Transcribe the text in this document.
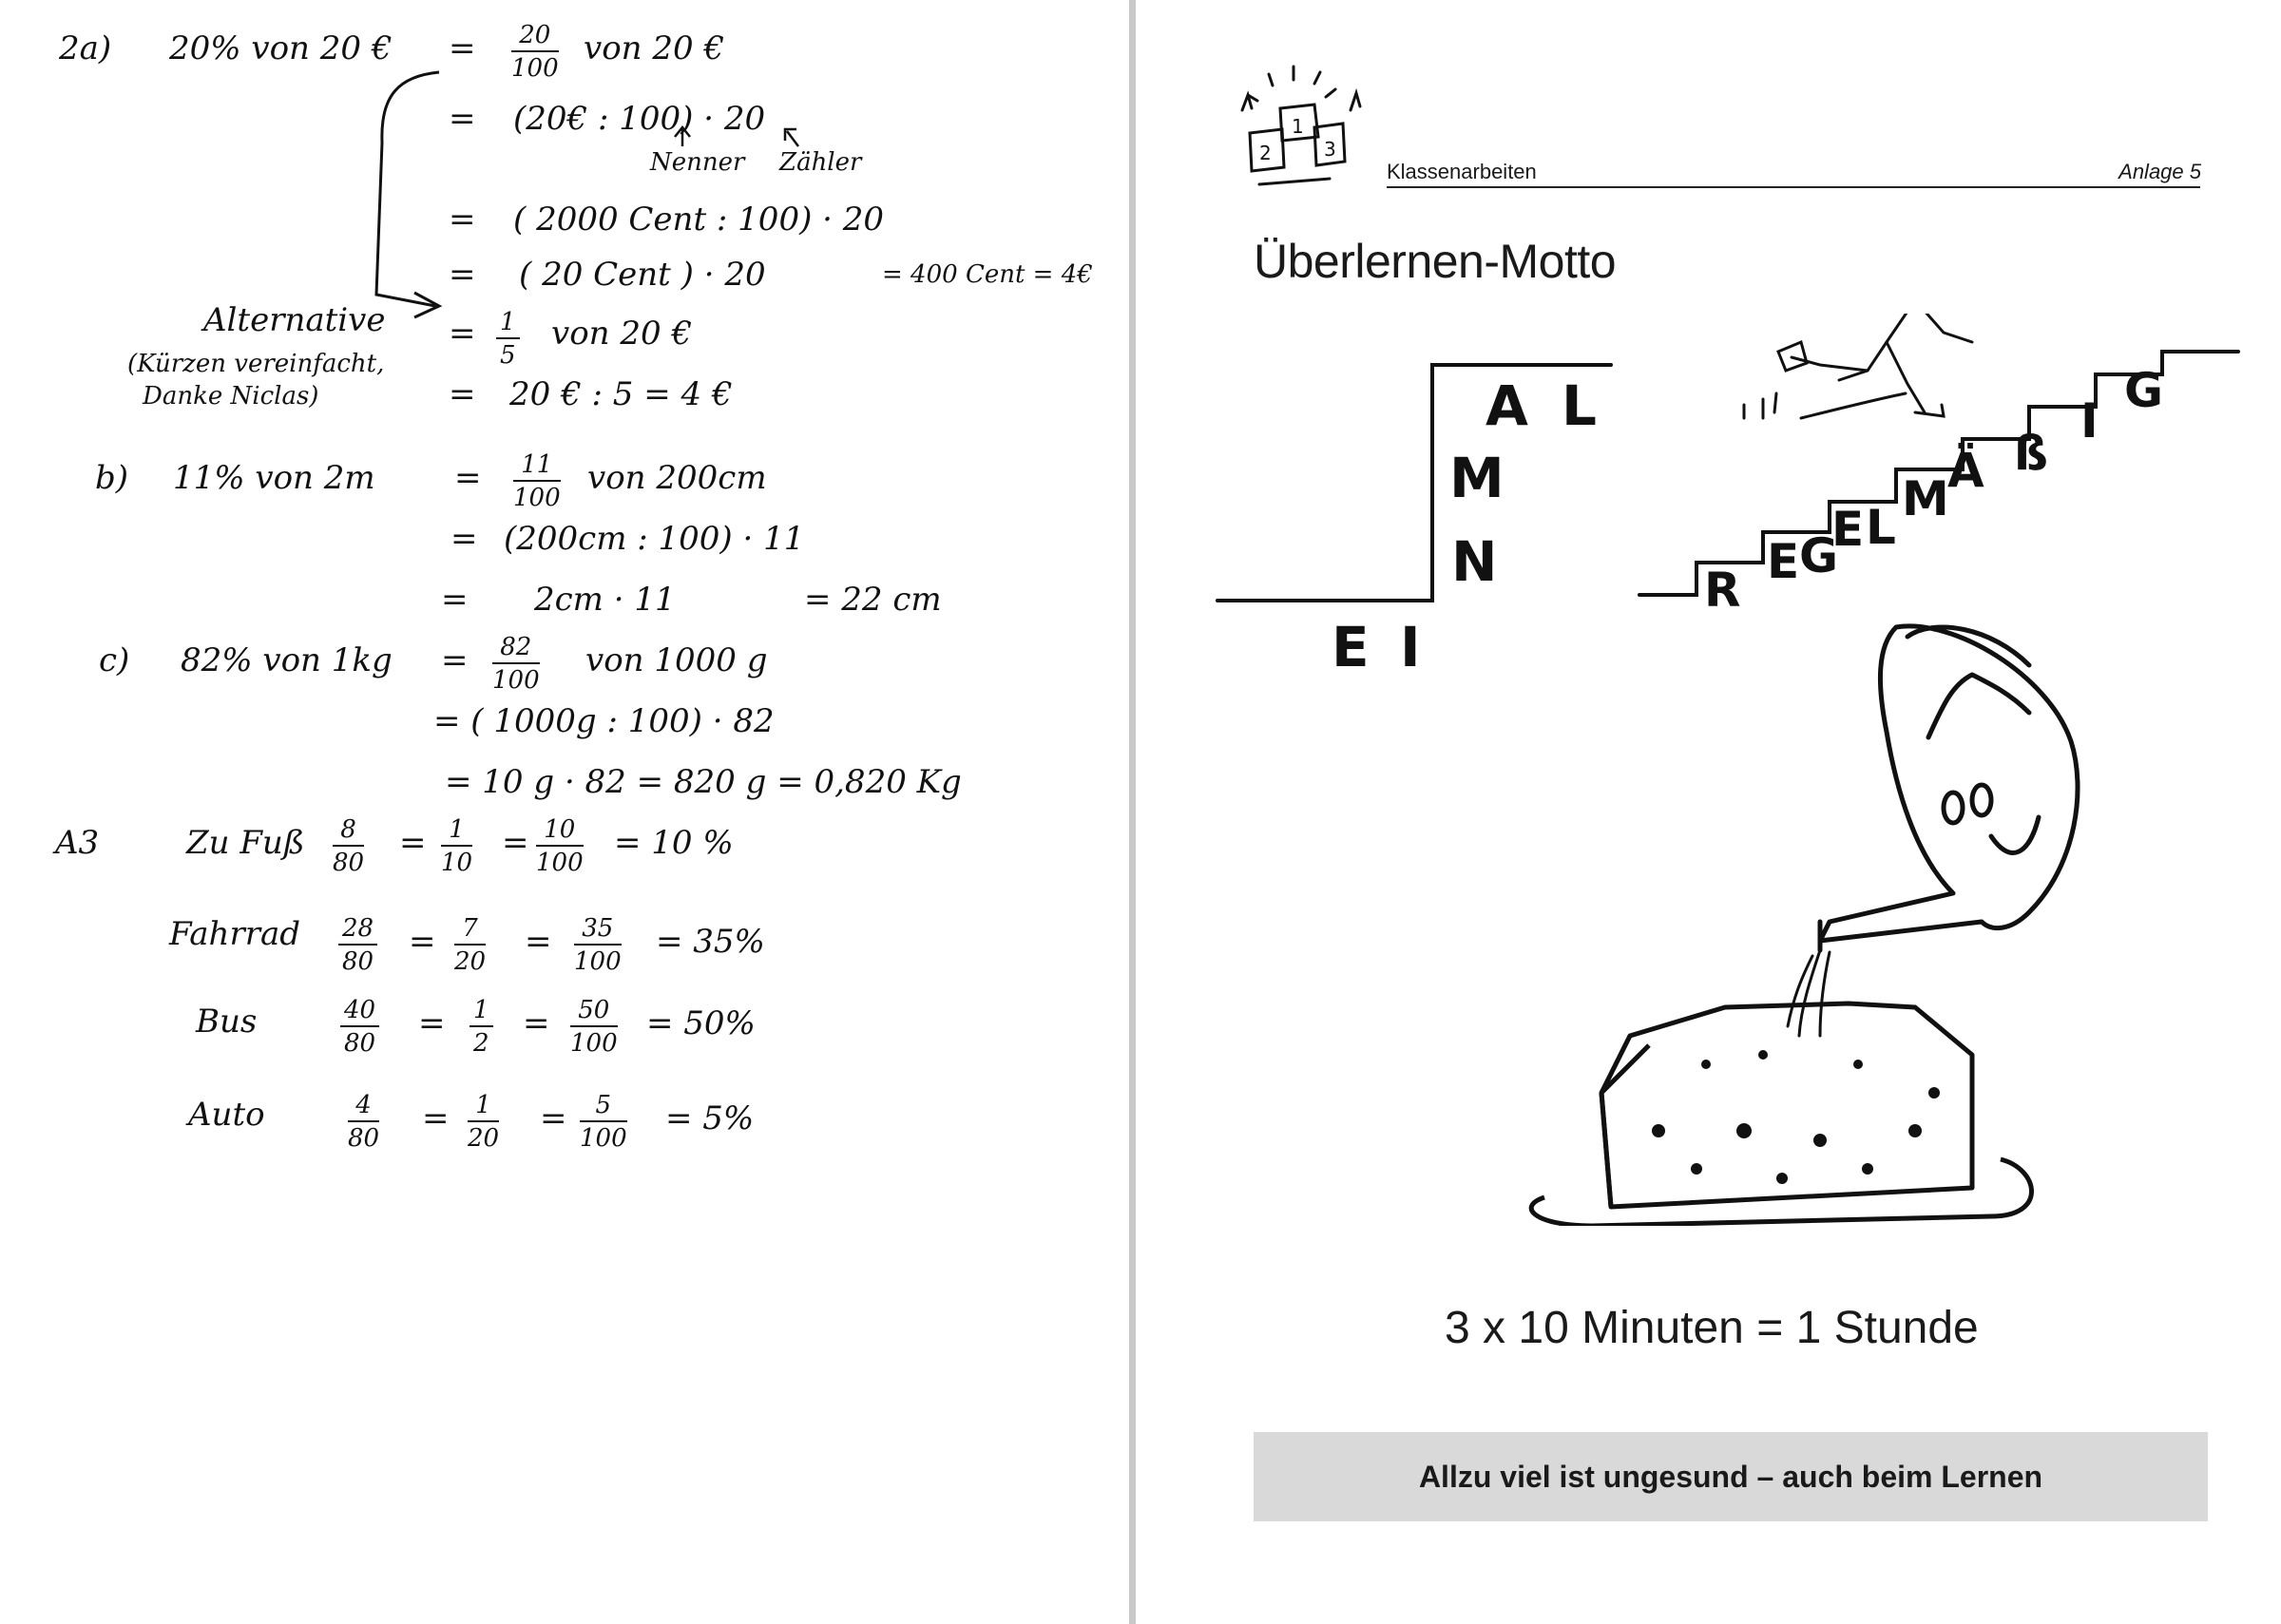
2a) 20% von 20 € = $\frac{20}{100}$ von 20 €
= (20€ : 100) · 20
Nenner Zähler
= ( 2000 Cent : 100) · 20
= ( 20 Cent ) · 20	= 400 Cent = 4€
Alternative
(Kürzen vereinfacht,
Danke Niclas)
= $\frac{1}{5}$ von 20 €
= 20 € : 5 = 4 €
b) 11% von $2m = \frac{11}{100}$ von 200cm
= (200cm : 100) · 11
= 2cm · 11	= 22 cm
c) 82% von $1kg = \frac{82}{100}$ von 1000 g
= ( 1000g : 100) · 82
= 10 g · 82 = 820 g = 0,820 Kg
A3	Zu Fuß $\frac{8}{80} = \frac{1}{10} = \frac{10}{100} = 10$ %
Fahrrad $\frac{28}{80} = \frac{7}{20} = \frac{35}{100} = 35\%$
Bus	$\frac{40}{80} = \frac{1}{2} = \frac{50}{100} = 50\%$
Auto	$\frac{4}{80} = \frac{1}{20} = \frac{5}{100} = 5\%$
1
2	3
Klassenarbeiten	Anlage 5
Überlernen-Motto
E I
N
M
A L
R
E G
E L
M
Ä ß
I
G
3 x 10 Minuten = 1 Stunde
Allzu viel ist ungesund – auch beim Lernen
